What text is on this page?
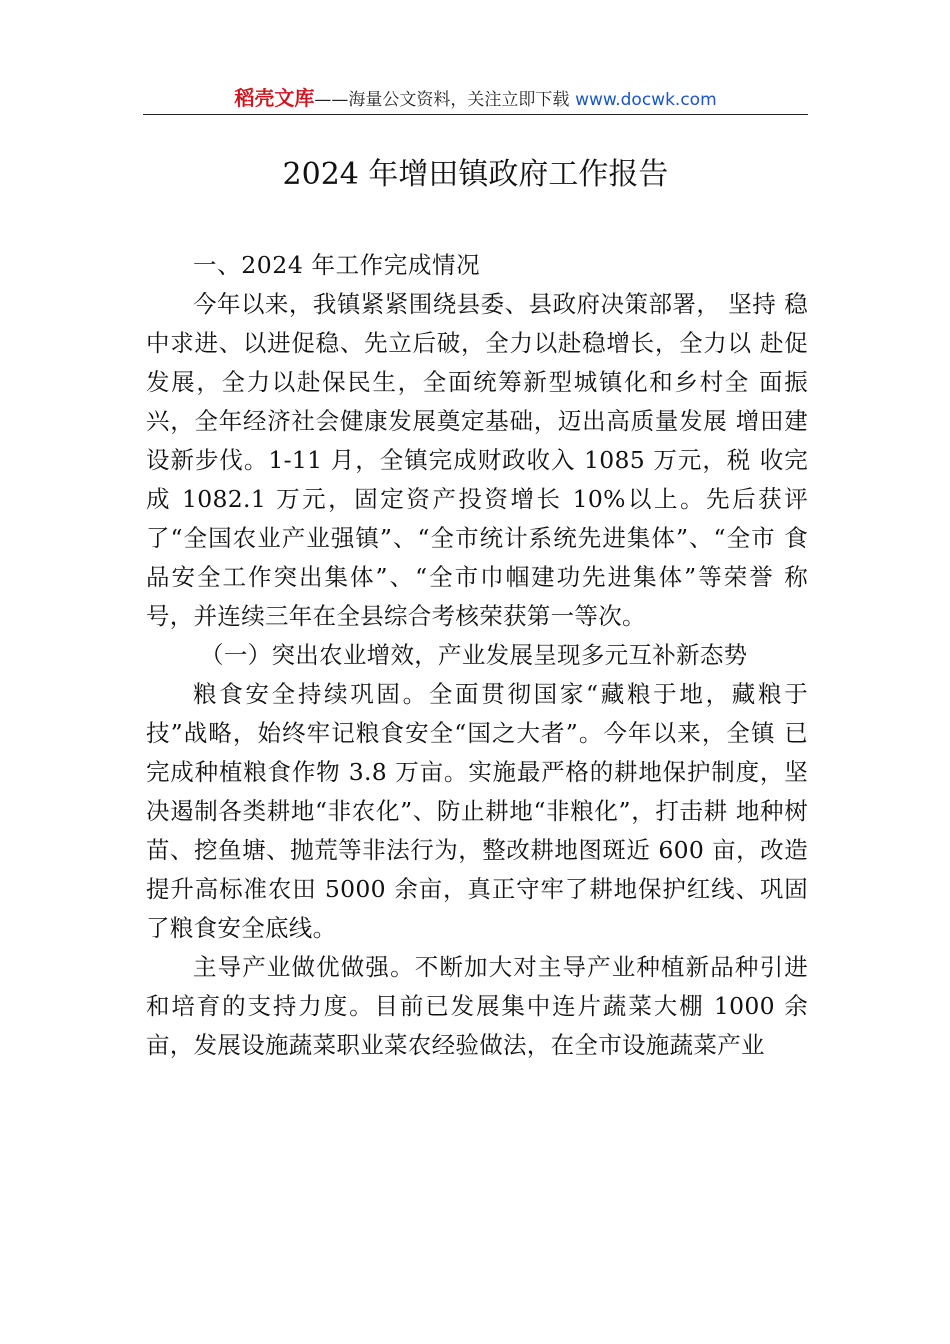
稻壳文库——海量公文资料，关注立即下载 www.docwk.com
2024 年增田镇政府工作报告

一、2024 年工作完成情况

今年以来，我镇紧紧围绕县委、县政府决策部署， 坚持 稳中求进、以进促稳、先立后破，全力以赴稳增长，全力以 赴促发展，全力以赴保民生，全面统筹新型城镇化和乡村全 面振兴，全年经济社会健康发展奠定基础，迈出高质量发展 增田建设新步伐。1-11 月，全镇完成财政收入 1085 万元，税 收完成 1082.1 万元，固定资产投资增长 10%以上。先后获评 了“全国农业产业强镇”、“全市统计系统先进集体”、“全市 食品安全工作突出集体”、“全市巾帼建功先进集体”等荣誉 称号，并连续三年在全县综合考核荣获第一等次。

（一）突出农业增效，产业发展呈现多元互补新态势

粮食安全持续巩固。全面贯彻国家“藏粮于地，藏粮于技”战略，始终牢记粮食安全“国之大者”。今年以来，全镇 已完成种植粮食作物 3.8 万亩。实施最严格的耕地保护制度，坚决遏制各类耕地“非农化”、防止耕地“非粮化”，打击耕 地种树苗、挖鱼塘、抛荒等非法行为，整改耕地图斑近 600 亩，改造提升高标准农田 5000 余亩，真正守牢了耕地保护红线、巩固了粮食安全底线。

主导产业做优做强。不断加大对主导产业种植新品种引进和培育的支持力度。目前已发展集中连片蔬菜大棚 1000 余亩，发展设施蔬菜职业菜农经验做法，在全市设施蔬菜产业
